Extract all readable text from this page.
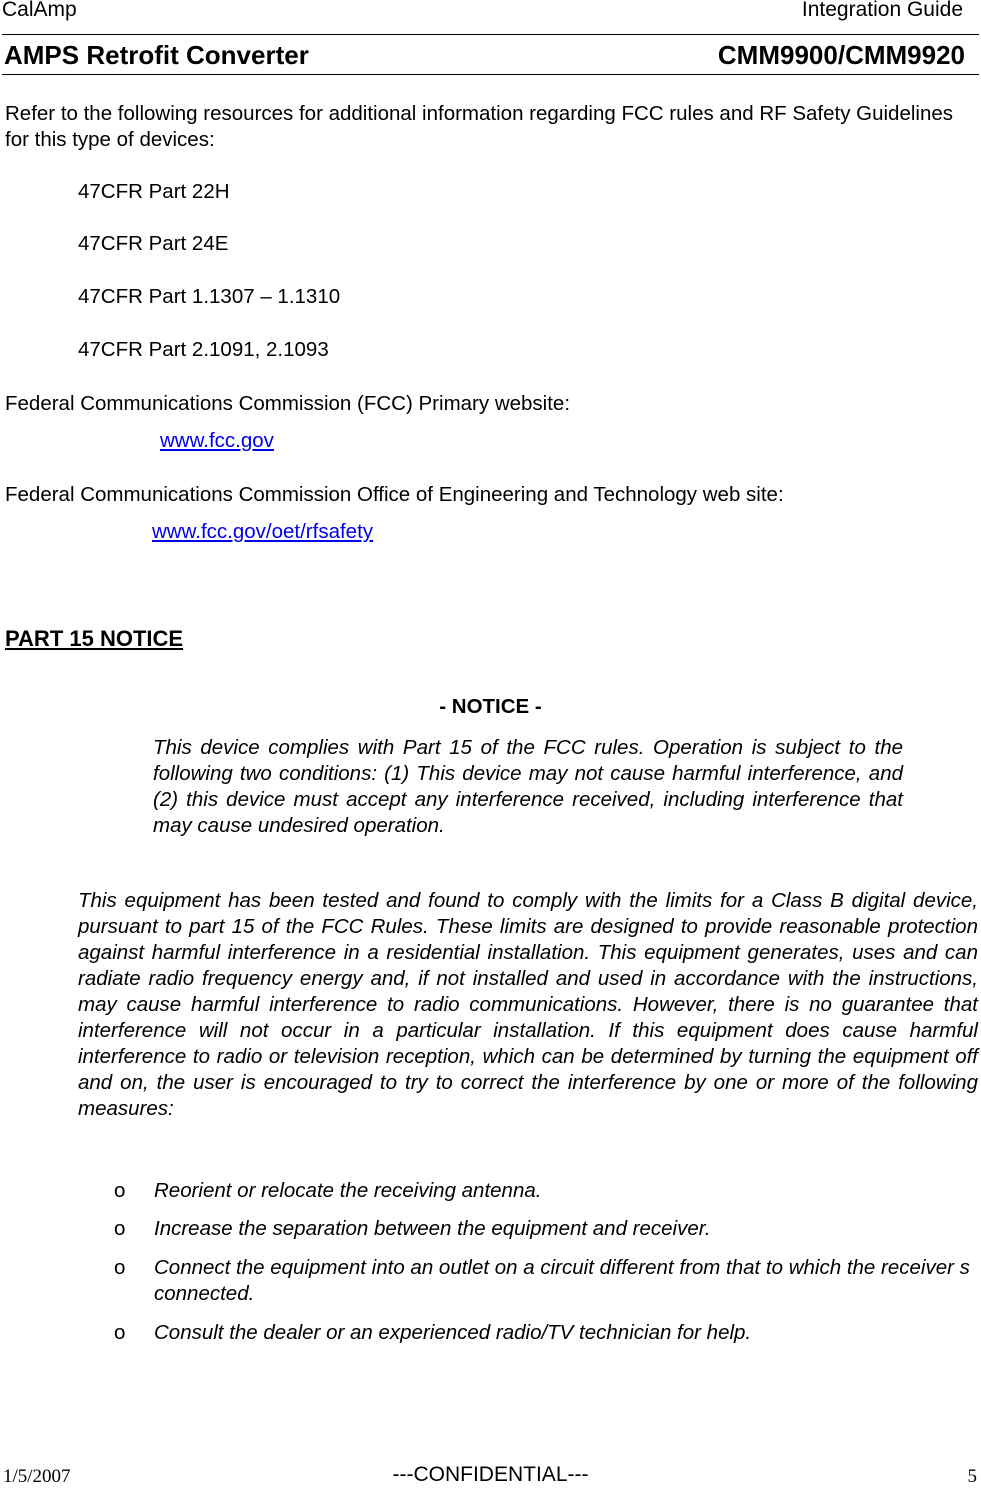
CalAmp	Integration Guide
AMPS Retrofit Converter	CMM9900/CMM9920
Refer to the following resources for additional information regarding FCC rules and RF Safety Guidelines for this type of devices:
47CFR Part 22H
47CFR Part 24E
47CFR Part 1.1307 – 1.1310
47CFR Part 2.1091, 2.1093
Federal Communications Commission (FCC) Primary website:
www.fcc.gov
Federal Communications Commission Office of Engineering and Technology web site:
www.fcc.gov/oet/rfsafety
PART 15 NOTICE
- NOTICE -
This device complies with Part 15 of the FCC rules. Operation is subject to the following two conditions: (1) This device may not cause harmful interference, and (2) this device must accept any interference received, including interference that may cause undesired operation.
This equipment has been tested and found to comply with the limits for a Class B digital device, pursuant to part 15 of the FCC Rules. These limits are designed to provide reasonable protection against harmful interference in a residential installation. This equipment generates, uses and can radiate radio frequency energy and, if not installed and used in accordance with the instructions, may cause harmful interference to radio communications. However, there is no guarantee that interference will not occur in a particular installation. If this equipment does cause harmful interference to radio or television reception, which can be determined by turning the equipment off and on, the user is encouraged to try to correct the interference by one or more of the following measures:
o Reorient or relocate the receiving antenna.
o Increase the separation between the equipment and receiver.
o Connect the equipment into an outlet on a circuit different from that to which the receiver s connected.
o Consult the dealer or an experienced radio/TV technician for help.
1/5/2007	---CONFIDENTIAL---	5
